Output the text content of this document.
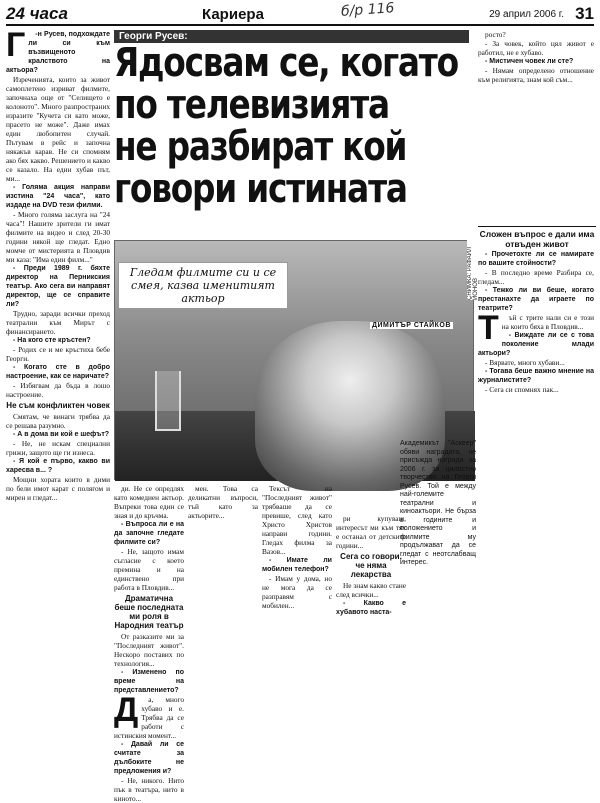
24 часа	Кариера	б/р 116	29 април 2006 г. 31
Г	-н Русев, подхождате ли си към възвищеното кралството на актьора?

Изреченията, които за живот самоплетено изриват филмите, започнаха още от "Селището е колоното". Много разпространих изразите "Кучета си като може, прасето не може". Даже имах един любопитен случай. Пътувам в рейс и започна някакъв карав. Не си спомням ако бях какво. Решението и какво се казало. На един хубав път, ми...

- Голяма акция направи изстина "24 часа", като издаде на DVD тези филми.

- Много голяма заслуга на "24 часа"! Нашите зрители ги имат филмите на видео и след 20-30 години някой ще гледат. Едно момче от мистерията в Пловдив ми каза: "Има един филм..."

- Преди 1989 г. бяхте директор на Перникския театър. Ако сега ви направят директор, ще се справите ли?

Трудно, заради всички преход театрални към Мирът с финансирането.

- На кого сте кръстен?

- Родих се и ме кръстиха бебе Георги.

- Когато сте в добро настроение, как се наричате?

- Избягвам да бъда в лошо настроение.

Не съм конфликтен човек

Смятам, че винаги трябва да се решава разумно.

- А в дома ви кой е шефът?

- Не, не искам специални грижи, защото ще ги изнеса.

- Я кой е първо, какво ви харесва в... ?

Мощни хората които в дими по бели имот карат с полягом и мирен и гледат...

Георги Русев:
Ядосвам се, когато
по телевизията
не разбират кой
говори истината

росто?

- За човек, който цял живот е работил, не е хубаво.

- Мистичен човек ли сте?

- Нямам определено отношение към религията, знам кой съм...

Сложен въпрос е дали има отвъден живот

- Прочетохте ли се намирате по вашите стойности?

- В последно време Разбира се, гледам...

- Тежко ли ви беше, когато престанахте да играете по театрите?

Т	ъй с трите нали си е този на които бяха в Пловдив...

- Виждате ли се с това поколение млади актьори?

- Вярвате, много хубави...

- Тогава беше важно мнение на журналистите?

- Сега си спомнях пак...

Гледам филмите си и се смея, казва именитият актьор
ДИМИТЪР СТАЙКОВ
СНИМКА: РАФАИЛ ЙОНОВ
Академикът "Аскеер" обяви наградата, че присъжда награда за 2006 г. за цялостно творчество на Георги Русев. Той е между най-големите театрални и киноактьори. Не бърза в годините и положението и филмите му продължават да се гледат с неотслабващ интерес.

ди. Не се опредлях като комедиен актьор. Въпреки това един се зная и до кръчма.

- Въпроса ли е на да започне гледате филмите си?

- Не, защото имам съгласие с което премина и на единствено при работа в Пловдив...

Драматична беше последната ми роля в Народния театър

От разказите ми за "Последният живот". Нескоро поставих по технология...

- Изменено по време на представлението?

Д	а, много хубаво и е. Трябва да се работи с истинския момент...

- Давай ли се считате за дълбоките не предложения и?

- Не, никого. Нито пък в театъра, нито в киното...

мен. Това са деликатни въпроси, тъй като за актьорите...

Тексът на "Последният живот" трябваше да се превише, след като Христо Христов направи години. Гледах филма за Вазов...

- Имате ли мобилен телефон?

- Имам у дома, но не мога да се разправям с мобилен...

ри купуваш, интересът ми към тях е останал от детските години...

Сега со говори, че няма лекарства

Не знам какво стане след всички...

- Какво е хубавото наста-
